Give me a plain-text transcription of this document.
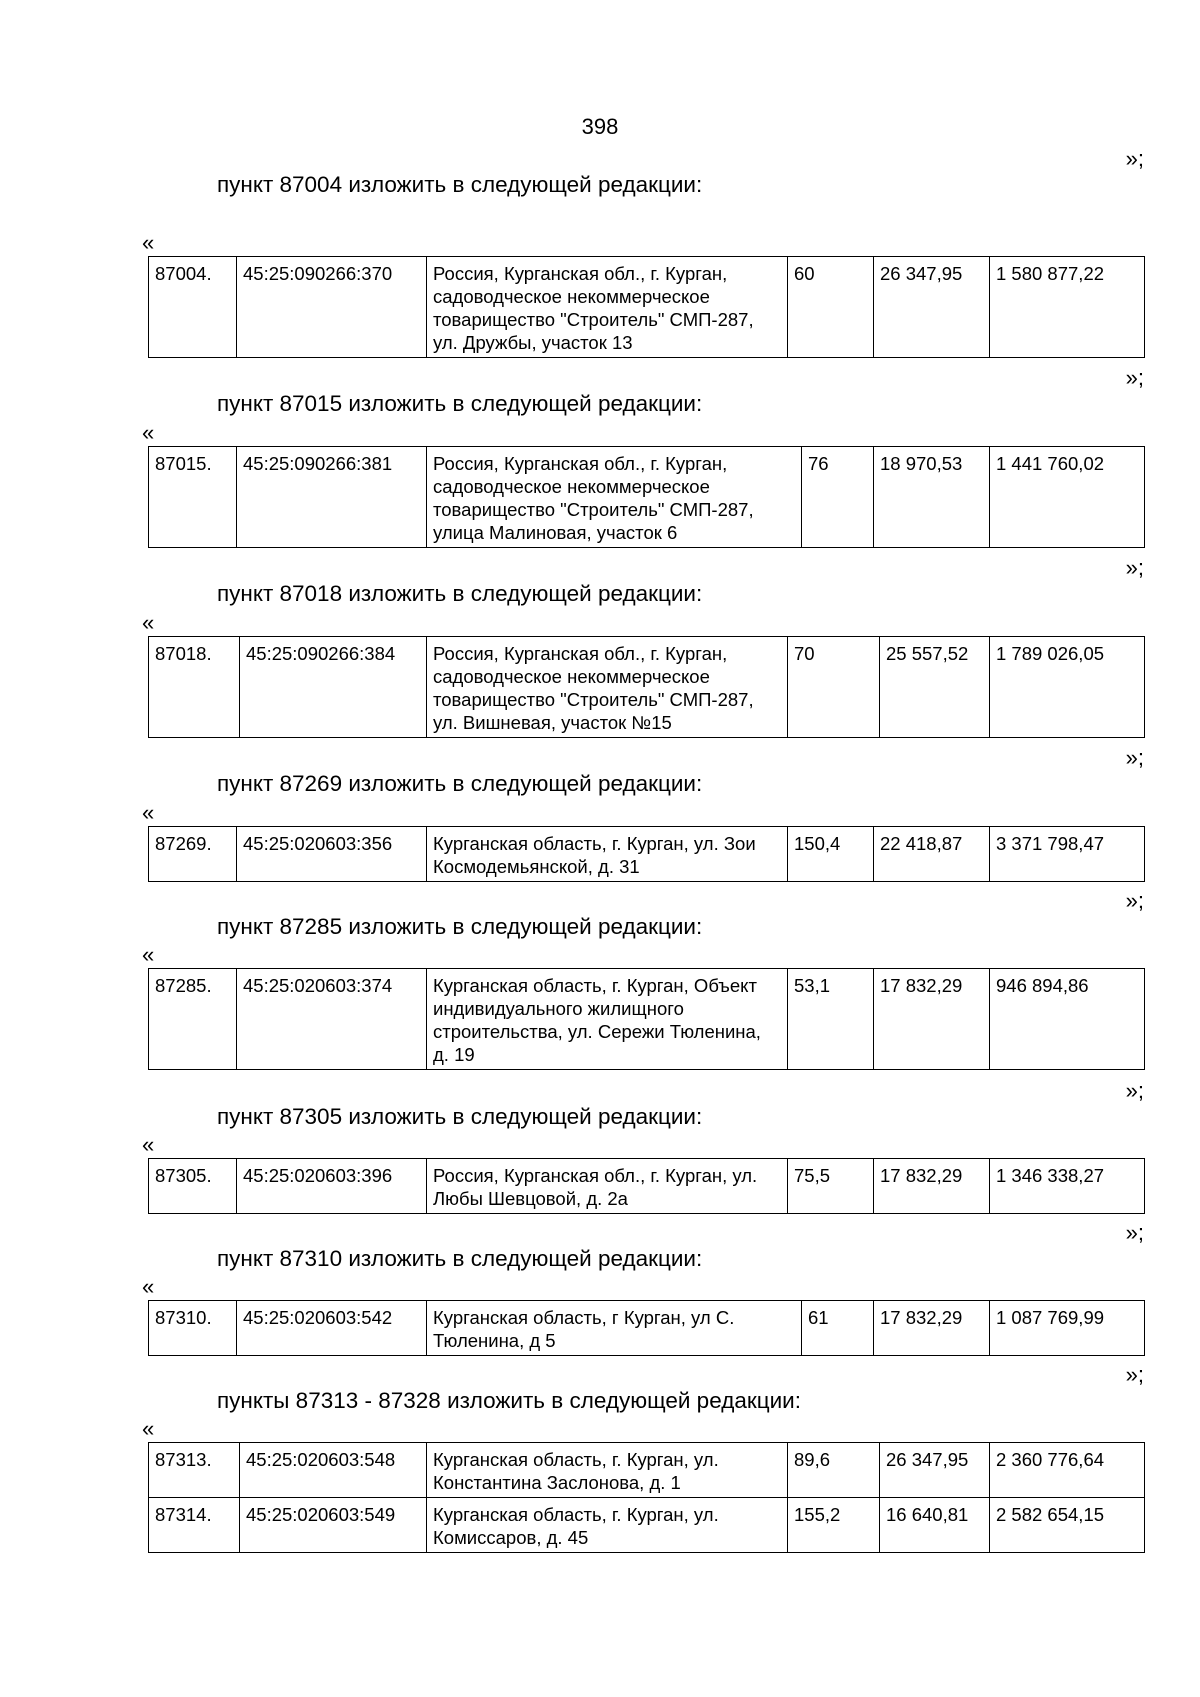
398
»;
пункт 87004 изложить в следующей редакции:
«
87004.	45:25:090266:370	Россия, Курганская обл., г. Курган, садоводческое некоммерческое товарищество "Строитель" СМП-287, ул. Дружбы, участок 13	60	26 347,95	1 580 877,22
»;
пункт 87015 изложить в следующей редакции:
«
87015.	45:25:090266:381	Россия, Курганская обл., г. Курган, садоводческое некоммерческое товарищество "Строитель" СМП-287, улица Малиновая, участок 6	76	18 970,53	1 441 760,02
»;
пункт 87018 изложить в следующей редакции:
«
87018.	45:25:090266:384	Россия, Курганская обл., г. Курган, садоводческое некоммерческое товарищество "Строитель" СМП-287, ул. Вишневая, участок №15	70	25 557,52	1 789 026,05
»;
пункт 87269 изложить в следующей редакции:
«
87269.	45:25:020603:356	Курганская область, г. Курган, ул. Зои Космодемьянской, д. 31	150,4	22 418,87	3 371 798,47
»;
пункт 87285 изложить в следующей редакции:
«
87285.	45:25:020603:374	Курганская область, г. Курган, Объект индивидуального жилищного строительства, ул. Сережи Тюленина, д. 19	53,1	17 832,29	946 894,86
»;
пункт 87305 изложить в следующей редакции:
«
87305.	45:25:020603:396	Россия, Курганская обл., г. Курган, ул. Любы Шевцовой, д. 2а	75,5	17 832,29	1 346 338,27
»;
пункт 87310 изложить в следующей редакции:
«
87310.	45:25:020603:542	Курганская область, г Курган, ул С. Тюленина, д 5	61	17 832,29	1 087 769,99
»;
пункты 87313 - 87328 изложить в следующей редакции:
«
87313.	45:25:020603:548	Курганская область, г. Курган, ул. Константина Заслонова, д. 1	89,6	26 347,95	2 360 776,64
87314.	45:25:020603:549	Курганская область, г. Курган, ул. Комиссаров, д. 45	155,2	16 640,81	2 582 654,15
